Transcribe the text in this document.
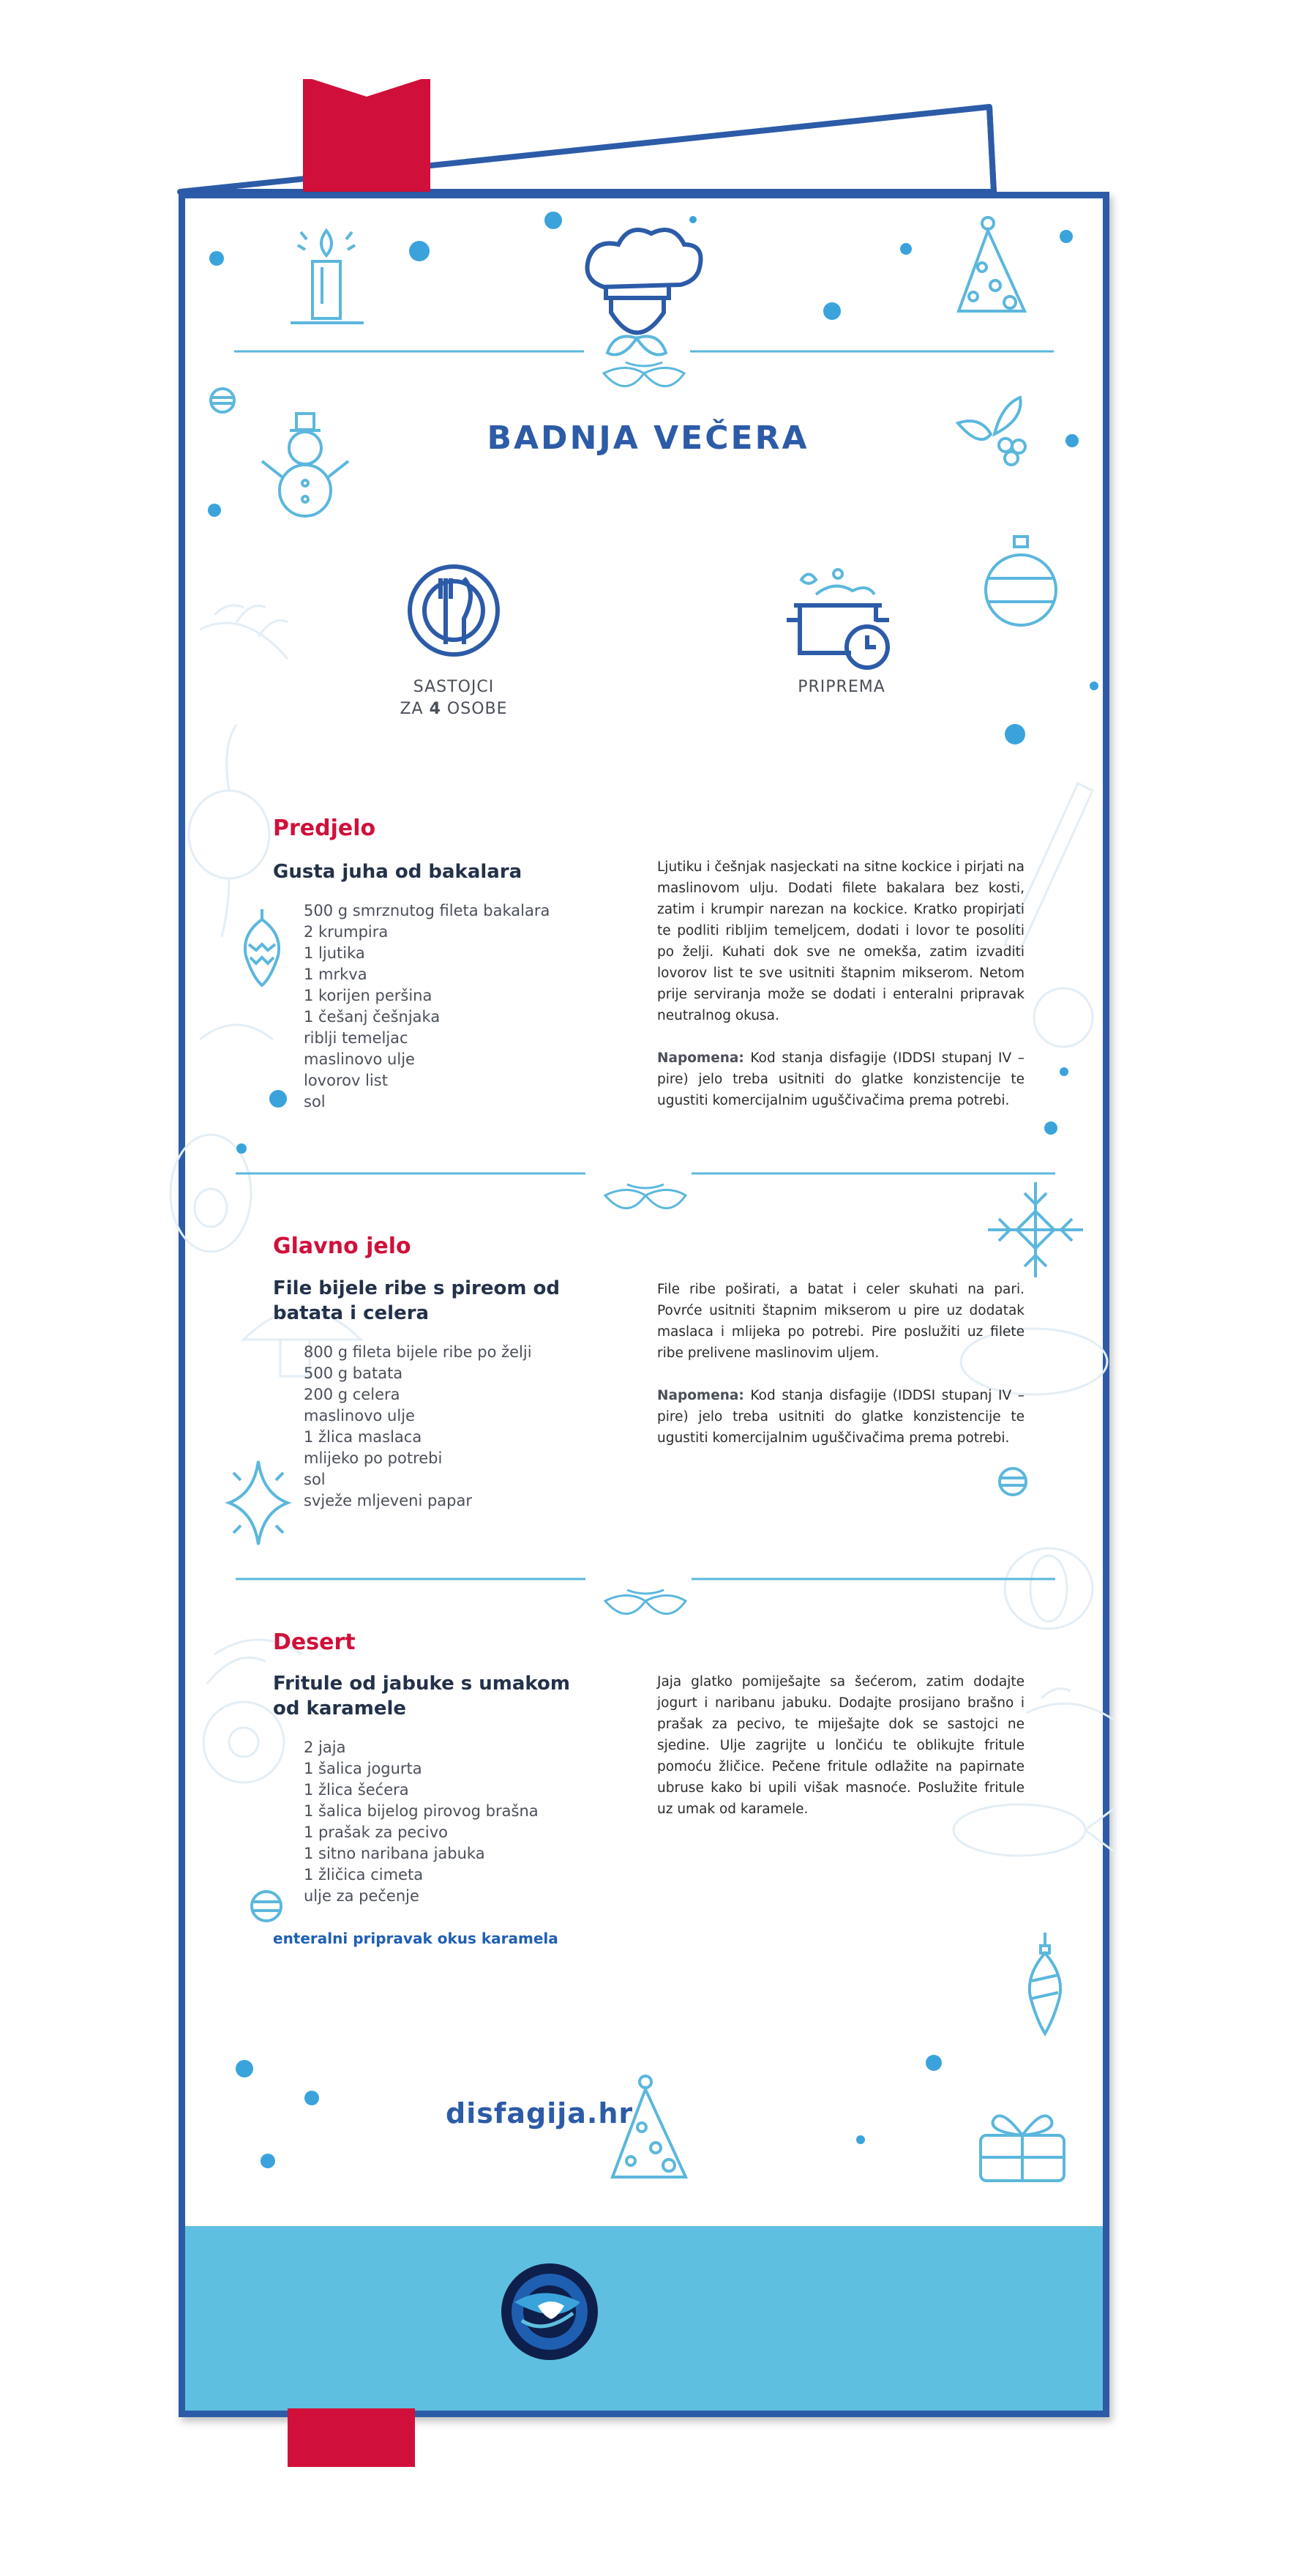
BADNJA VEČERA
SASTOJCI
ZA 4 OSOBE
PRIPREMA
Predjelo
Gusta juha od bakalara
500 g smrznutog fileta bakalara
2 krumpira
1 ljutika
1 mrkva
1 korijen peršina
1 češanj češnjaka
riblji temeljac
maslinovo ulje
lovorov list
sol
Ljutiku i češnjak nasjeckati na sitne kockice i pirjati na maslinovom ulju. Dodati filete bakalara bez kosti, zatim i krumpir narezan na kockice. Kratko propirjati te podliti ribljim temeljcem, dodati i lovor te posoliti po želji. Kuhati dok sve ne omekša, zatim izvaditi lovorov list te sve usitniti štapnim mikserom. Netom prije serviranja može se dodati i enteralni pripravak neutralnog okusa.
Napomena: Kod stanja disfagije (IDDSI stupanj IV – pire) jelo treba usitniti do glatke konzistencije te ugustiti komercijalnim uguščivačima prema potrebi.
Glavno jelo
File bijele ribe s pireom od batata i celera
800 g fileta bijele ribe po želji
500 g batata
200 g celera
maslinovo ulje
1 žlica maslaca
mlijeko po potrebi
sol
svježe mljeveni papar
File ribe poširati, a batat i celer skuhati na pari. Povrće usitniti štapnim mikserom u pire uz dodatak maslaca i mlijeka po potrebi. Pire poslužiti uz filete ribe prelivene maslinovim uljem.
Napomena: Kod stanja disfagije (IDDSI stupanj IV – pire) jelo treba usitniti do glatke konzistencije te ugustiti komercijalnim uguščivačima prema potrebi.
Desert
Fritule od jabuke s umakom od karamele
2 jaja
1 šalica jogurta
1 žlica šećera
1 šalica bijelog pirovog brašna
1 prašak za pecivo
1 sitno naribana jabuka
1 žličica cimeta
ulje za pečenje
enteralni pripravak okus karamela
Jaja glatko pomiješajte sa šećerom, zatim dodajte jogurt i naribanu jabuku. Dodajte prosijano brašno i prašak za pecivo, te miješajte dok se sastojci ne sjedine. Ulje zagrijte u lončiću te oblikujte fritule pomoću žličice. Pečene fritule odlažite na papirnate ubruse kako bi upili višak masnoće. Poslužite fritule uz umak od karamele.
disfagija.hr
